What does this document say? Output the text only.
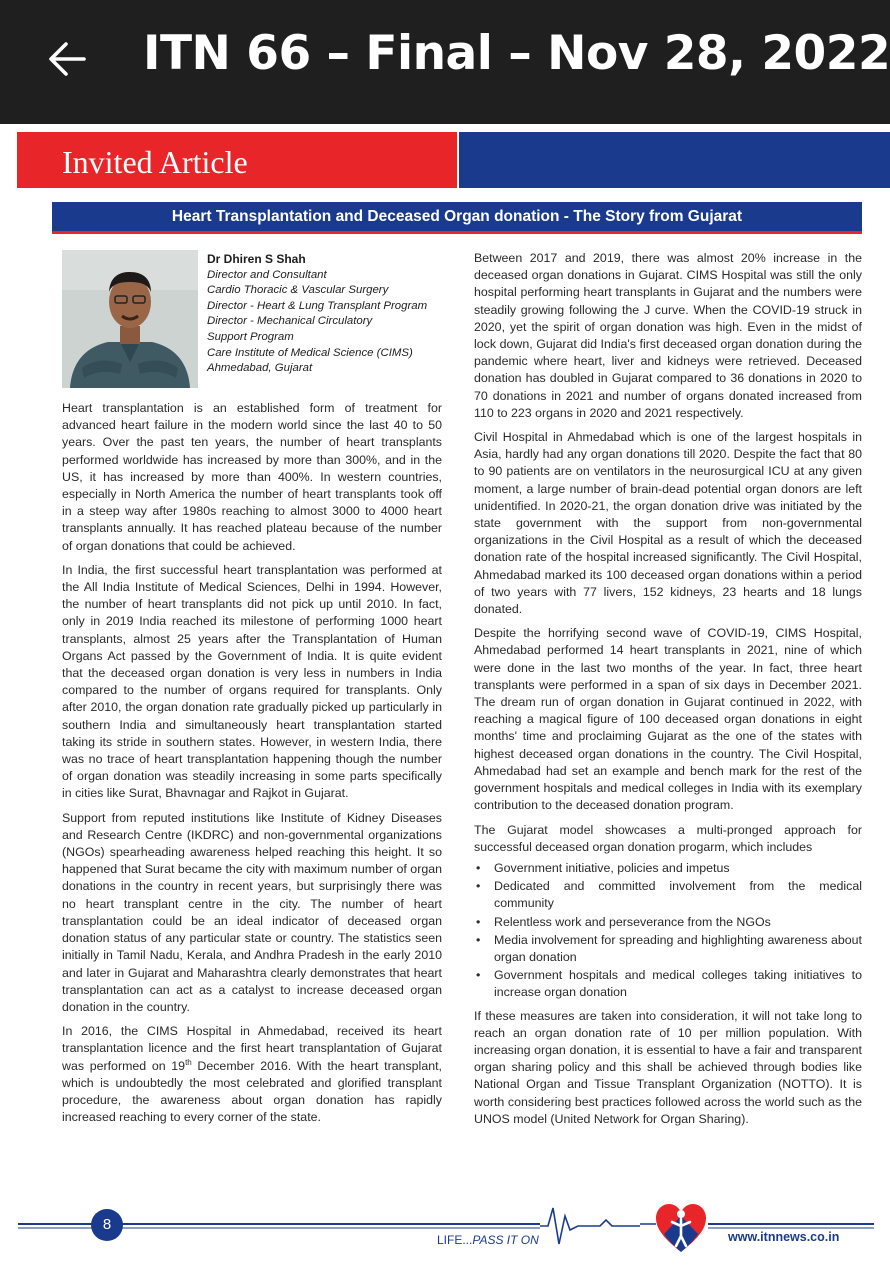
ITN 66 – Final – Nov 28, 2022
Invited Article
Heart Transplantation and Deceased Organ donation - The Story from Gujarat
Dr Dhiren S Shah
Director and Consultant
Cardio Thoracic & Vascular Surgery
Director - Heart & Lung Transplant Program
Director - Mechanical Circulatory
Support Program
Care Institute of Medical Science (CIMS)
Ahmedabad, Gujarat

Heart transplantation is an established form of treatment for advanced heart failure in the modern world since the last 40 to 50 years. Over the past ten years, the number of heart transplants performed worldwide has increased by more than 300%, and in the US, it has increased by more than 400%. In western countries, especially in North America the number of heart transplants took off in a steep way after 1980s reaching to almost 3000 to 4000 heart transplants annually. It has reached plateau because of the number of organ donations that could be achieved.

In India, the first successful heart transplantation was performed at the All India Institute of Medical Sciences, Delhi in 1994. However, the number of heart transplants did not pick up until 2010. In fact, only in 2019 India reached its milestone of performing 1000 heart transplants, almost 25 years after the Transplantation of Human Organs Act passed by the Government of India. It is quite evident that the deceased organ donation is very less in numbers in India compared to the number of organs required for transplants. Only after 2010, the organ donation rate gradually picked up particularly in southern India and simultaneously heart transplantation started taking its stride in southern states. However, in western India, there was no trace of heart transplantation happening though the number of organ donation was steadily increasing in some parts specifically in cities like Surat, Bhavnagar and Rajkot in Gujarat.

Support from reputed institutions like Institute of Kidney Diseases and Research Centre (IKDRC) and non-governmental organizations (NGOs) spearheading awareness helped reaching this height. It so happened that Surat became the city with maximum number of organ donations in the country in recent years, but surprisingly there was no heart transplant centre in the city. The number of heart transplantation could be an ideal indicator of deceased organ donation status of any particular state or country. The statistics seen initially in Tamil Nadu, Kerala, and Andhra Pradesh in the early 2010 and later in Gujarat and Maharashtra clearly demonstrates that heart transplantation can act as a catalyst to increase deceased organ donation in the country.

In 2016, the CIMS Hospital in Ahmedabad, received its heart transplantation licence and the first heart transplantation of Gujarat was performed on 19th December 2016. With the heart transplant, which is undoubtedly the most celebrated and glorified transplant procedure, the awareness about organ donation has rapidly increased reaching to every corner of the state.

Between 2017 and 2019, there was almost 20% increase in the deceased organ donations in Gujarat. CIMS Hospital was still the only hospital performing heart transplants in Gujarat and the numbers were steadily growing following the J curve. When the COVID-19 struck in 2020, yet the spirit of organ donation was high. Even in the midst of lock down, Gujarat did India's first deceased organ donation during the pandemic where heart, liver and kidneys were retrieved. Deceased donation has doubled in Gujarat compared to 36 donations in 2020 to 70 donations in 2021 and number of organs donated increased from 110 to 223 organs in 2020 and 2021 respectively.

Civil Hospital in Ahmedabad which is one of the largest hospitals in Asia, hardly had any organ donations till 2020. Despite the fact that 80 to 90 patients are on ventilators in the neurosurgical ICU at any given moment, a large number of brain-dead potential organ donors are left unidentified. In 2020-21, the organ donation drive was initiated by the state government with the support from non-governmental organizations in the Civil Hospital as a result of which the deceased donation rate of the hospital increased significantly. The Civil Hospital, Ahmedabad marked its 100 deceased organ donations within a period of two years with 77 livers, 152 kidneys, 23 hearts and 18 lungs donated.

Despite the horrifying second wave of COVID-19, CIMS Hospital, Ahmedabad performed 14 heart transplants in 2021, nine of which were done in the last two months of the year. In fact, three heart transplants were performed in a span of six days in December 2021. The dream run of organ donation in Gujarat continued in 2022, with reaching a magical figure of 100 deceased organ donations in eight months' time and proclaiming Gujarat as the one of the states with highest deceased organ donations in the country. The Civil Hospital, Ahmedabad had set an example and bench mark for the rest of the government hospitals and medical colleges in India with its exemplary contribution to the deceased donation program.

The Gujarat model showcases a multi-pronged approach for successful deceased organ donation progarm, which includes

• Government initiative, policies and impetus
• Dedicated and committed involvement from the medical community
• Relentless work and perseverance from the NGOs
• Media involvement for spreading and highlighting awareness about organ donation
• Government hospitals and medical colleges taking initiatives to increase organ donation

If these measures are taken into consideration, it will not take long to reach an organ donation rate of 10 per million population. With increasing organ donation, it is essential to have a fair and transparent organ sharing policy and this shall be achieved through bodies like National Organ and Tissue Transplant Organization (NOTTO). It is worth considering best practices followed across the world such as the UNOS model (United Network for Organ Sharing).

8
LIFE...PASS IT ON	www.itnnews.co.in
